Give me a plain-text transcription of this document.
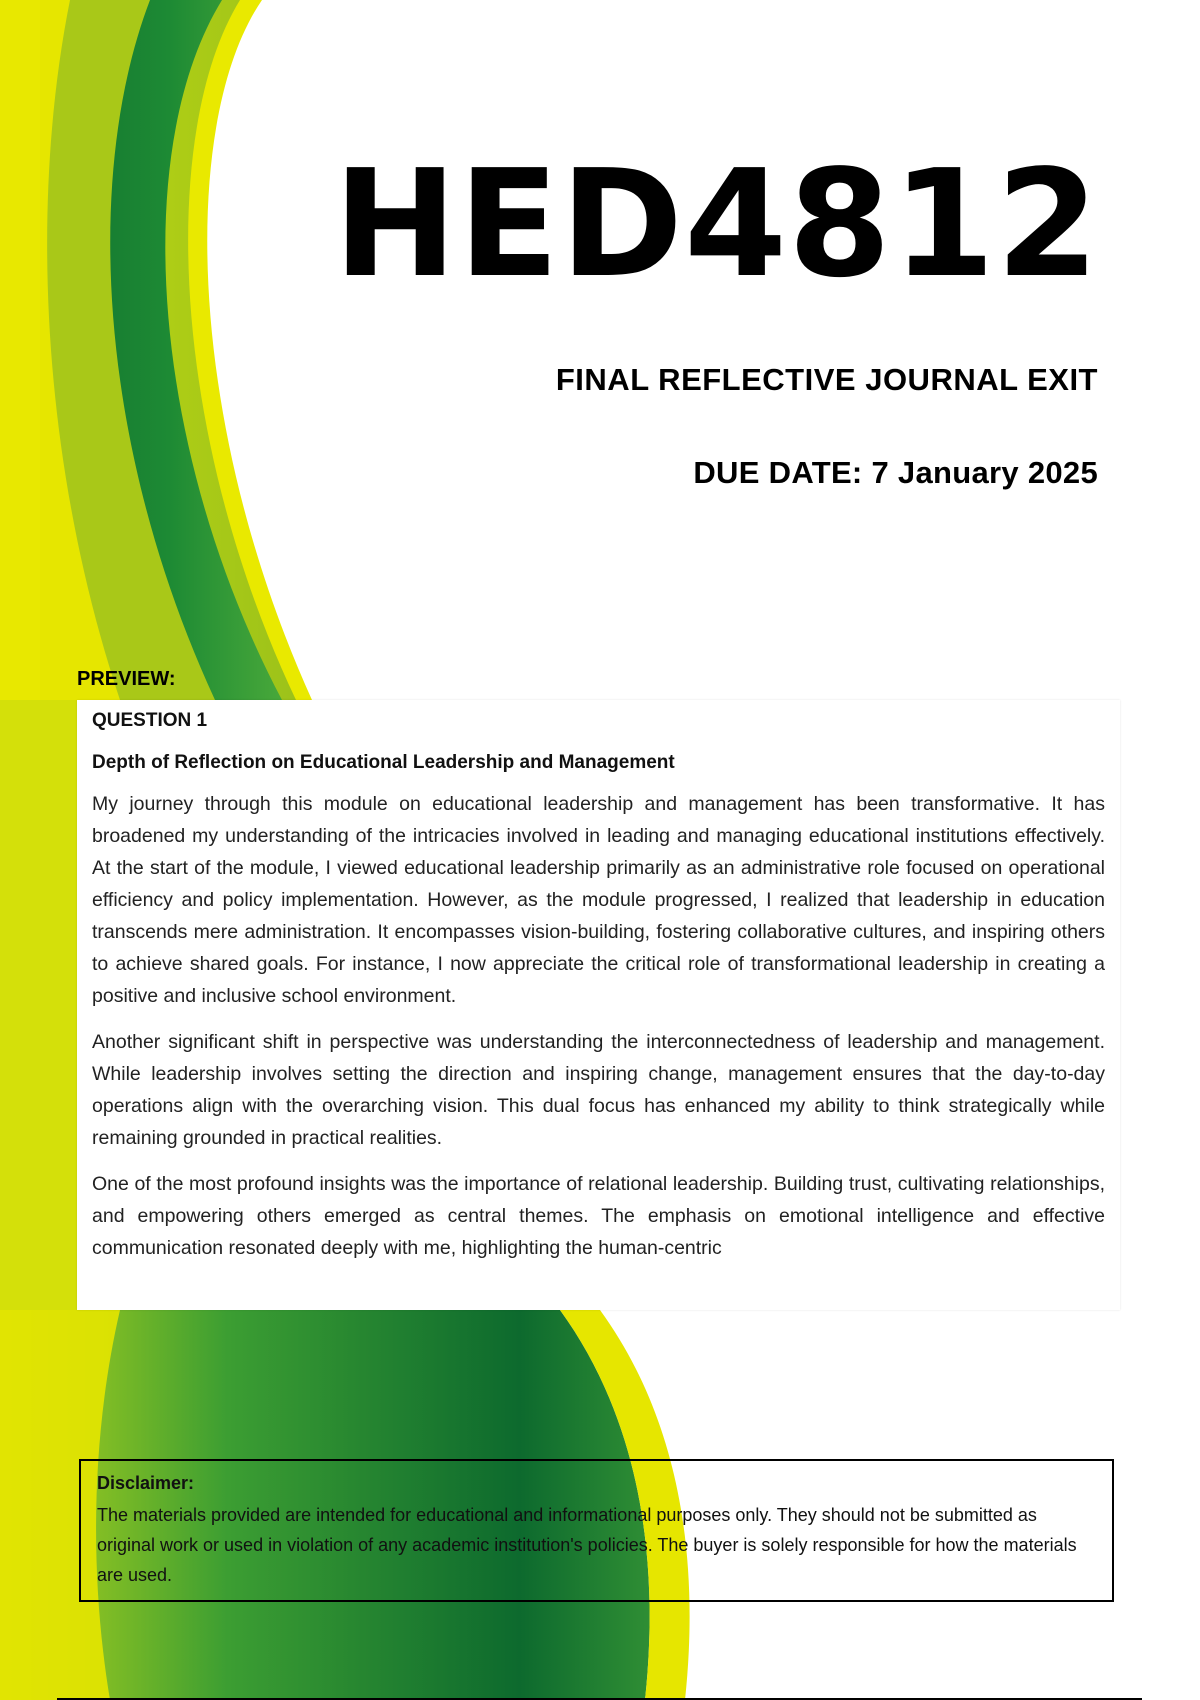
HED4812
FINAL REFLECTIVE JOURNAL EXIT
DUE DATE: 7 January 2025
PREVIEW:

QUESTION 1

Depth of Reflection on Educational Leadership and Management

My journey through this module on educational leadership and management has been transformative. It has broadened my understanding of the intricacies involved in leading and managing educational institutions effectively. At the start of the module, I viewed educational leadership primarily as an administrative role focused on operational efficiency and policy implementation. However, as the module progressed, I realized that leadership in education transcends mere administration. It encompasses vision-building, fostering collaborative cultures, and inspiring others to achieve shared goals. For instance, I now appreciate the critical role of transformational leadership in creating a positive and inclusive school environment.

Another significant shift in perspective was understanding the interconnectedness of leadership and management. While leadership involves setting the direction and inspiring change, management ensures that the day-to-day operations align with the overarching vision. This dual focus has enhanced my ability to think strategically while remaining grounded in practical realities.

One of the most profound insights was the importance of relational leadership. Building trust, cultivating relationships, and empowering others emerged as central themes. The emphasis on emotional intelligence and effective communication resonated deeply with me, highlighting the human-centric

Disclaimer:

The materials provided are intended for educational and informational purposes only. They should not be submitted as original work or used in violation of any academic institution's policies. The buyer is solely responsible for how the materials are used.
